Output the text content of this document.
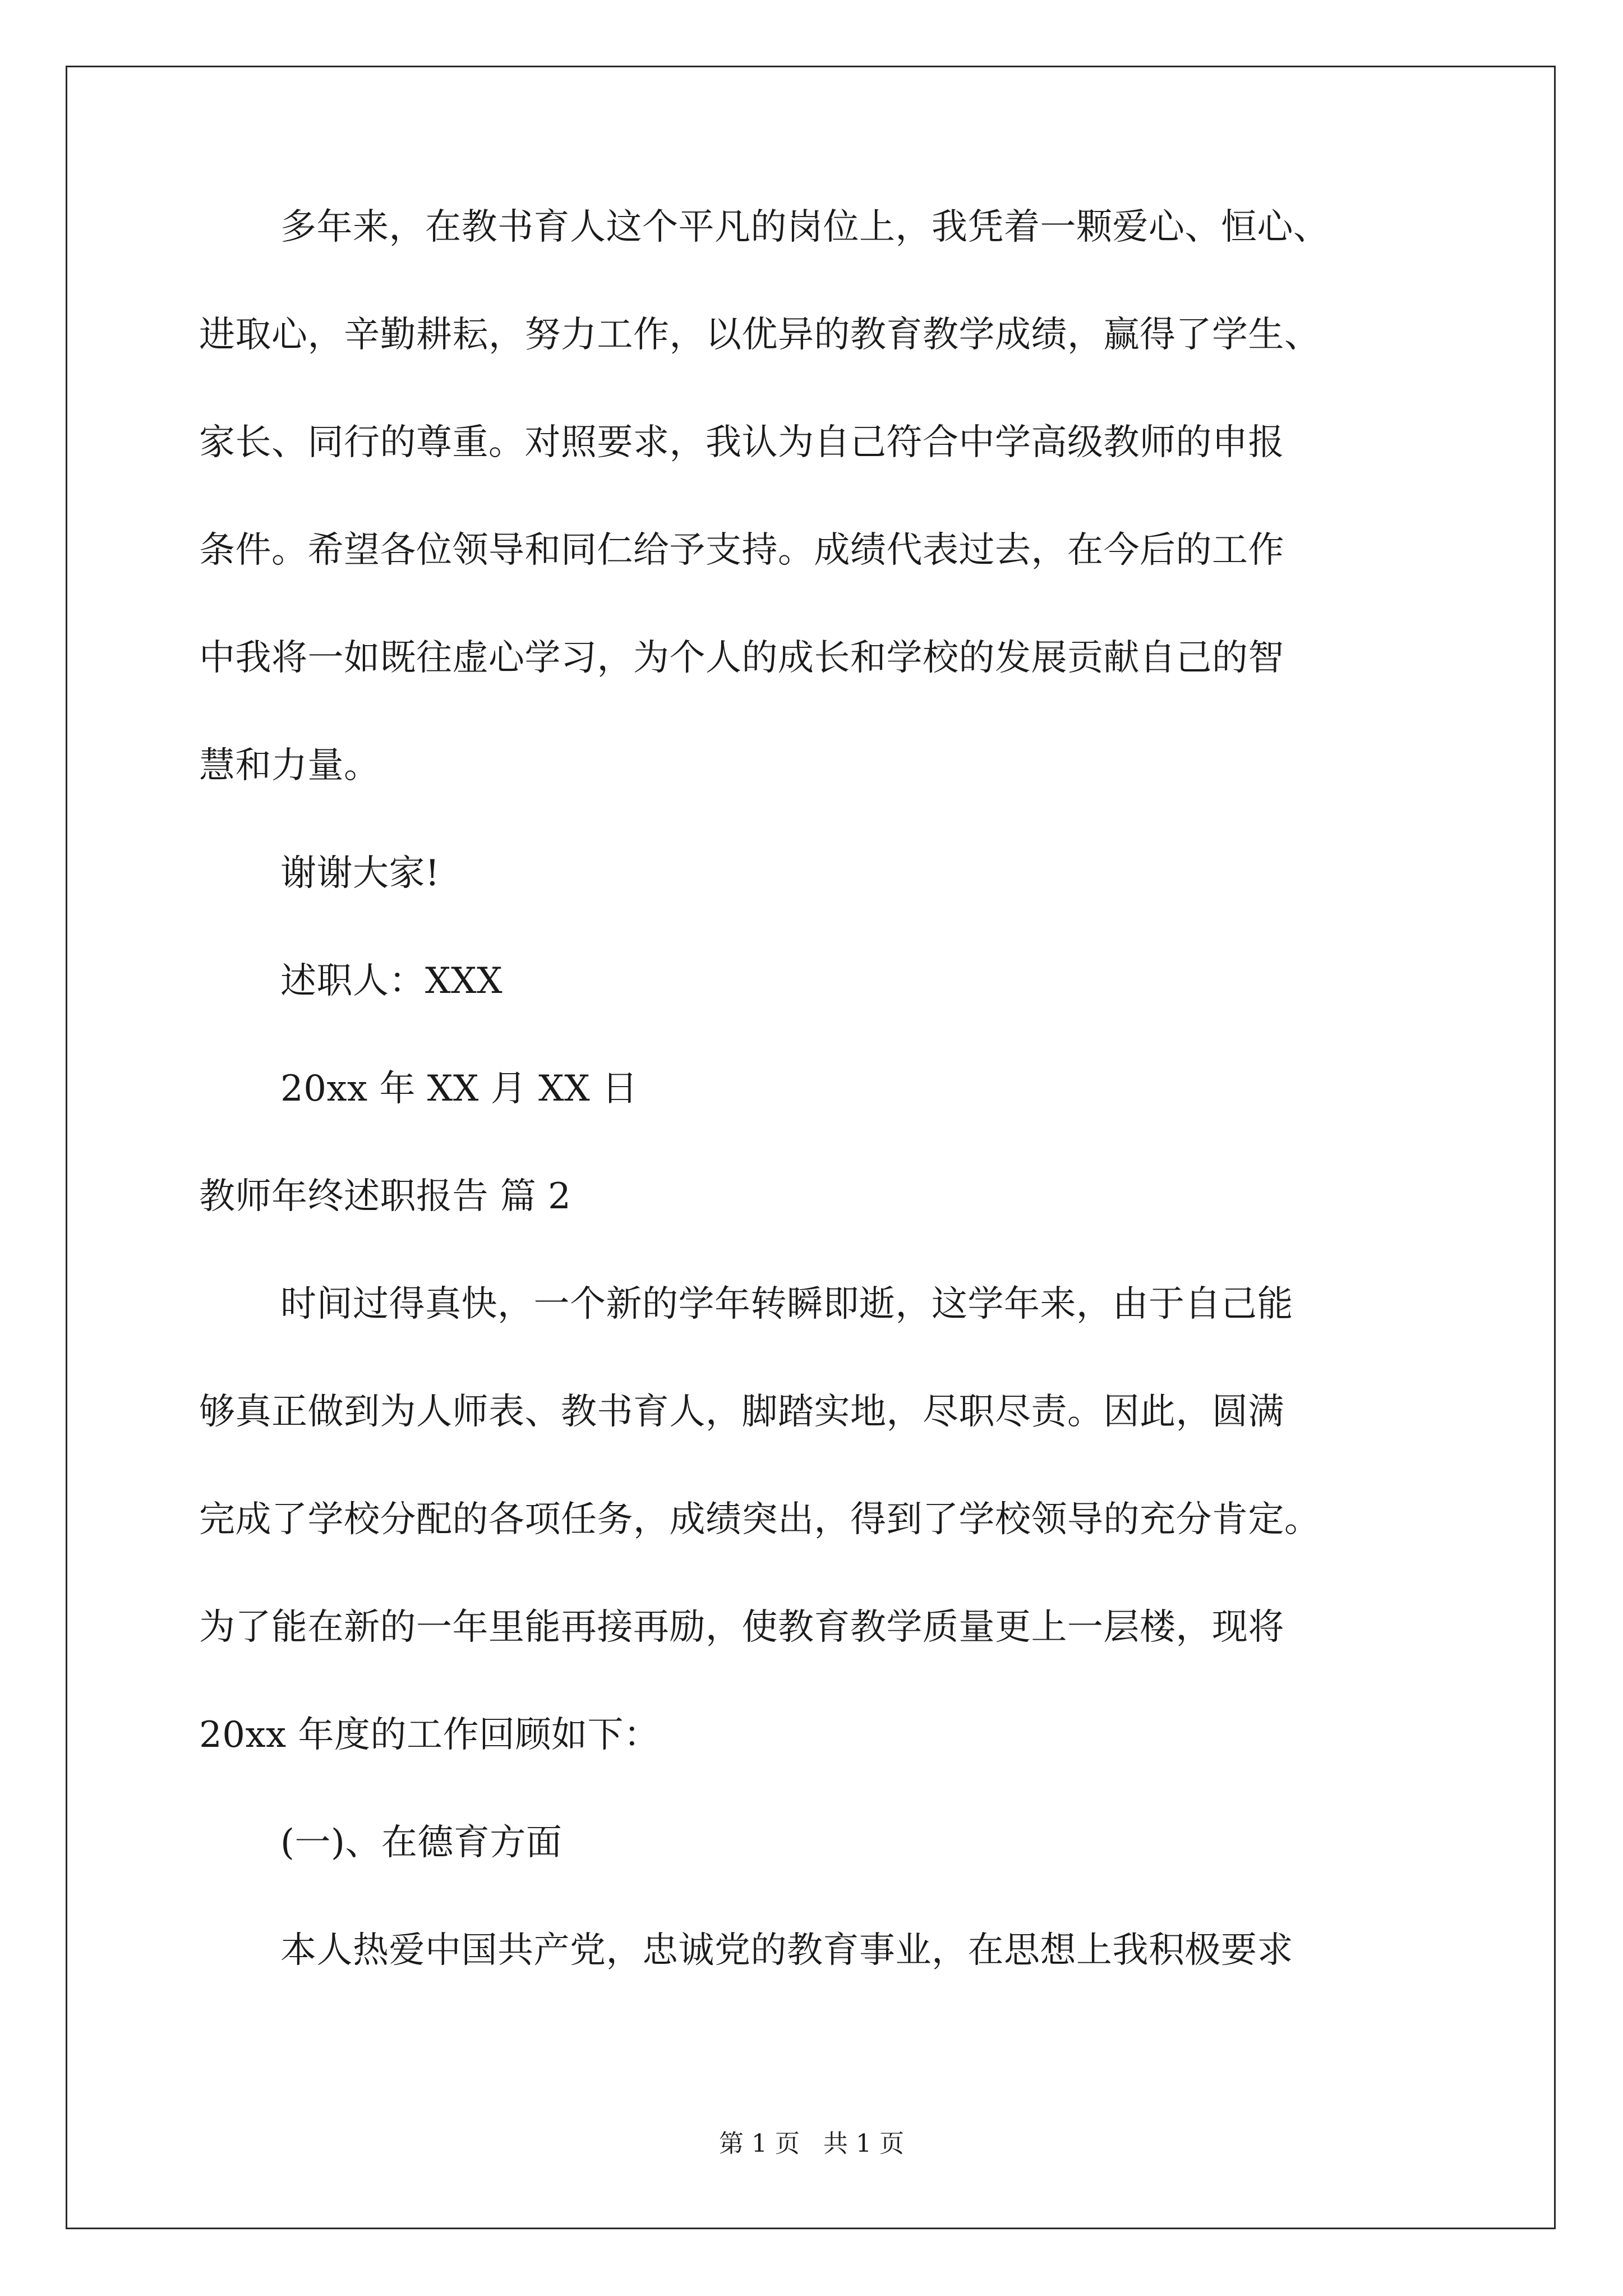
多年来，在教书育人这个平凡的岗位上，我凭着一颗爱心、恒心、
进取心，辛勤耕耘，努力工作，以优异的教育教学成绩，赢得了学生、
家长、同行的尊重。对照要求，我认为自己符合中学高级教师的申报
条件。希望各位领导和同仁给予支持。成绩代表过去，在今后的工作
中我将一如既往虚心学习，为个人的成长和学校的发展贡献自己的智
慧和力量。
谢谢大家!
述职人：XXX
20xx 年 XX 月 XX 日
教师年终述职报告 篇 2
时间过得真快，一个新的学年转瞬即逝，这学年来，由于自己能
够真正做到为人师表、教书育人，脚踏实地，尽职尽责。因此，圆满
完成了学校分配的各项任务，成绩突出，得到了学校领导的充分肯定。
为了能在新的一年里能再接再励，使教育教学质量更上一层楼，现将
20xx 年度的工作回顾如下：
(一)、在德育方面
本人热爱中国共产党，忠诚党的教育事业，在思想上我积极要求
第 1 页   共 1 页
